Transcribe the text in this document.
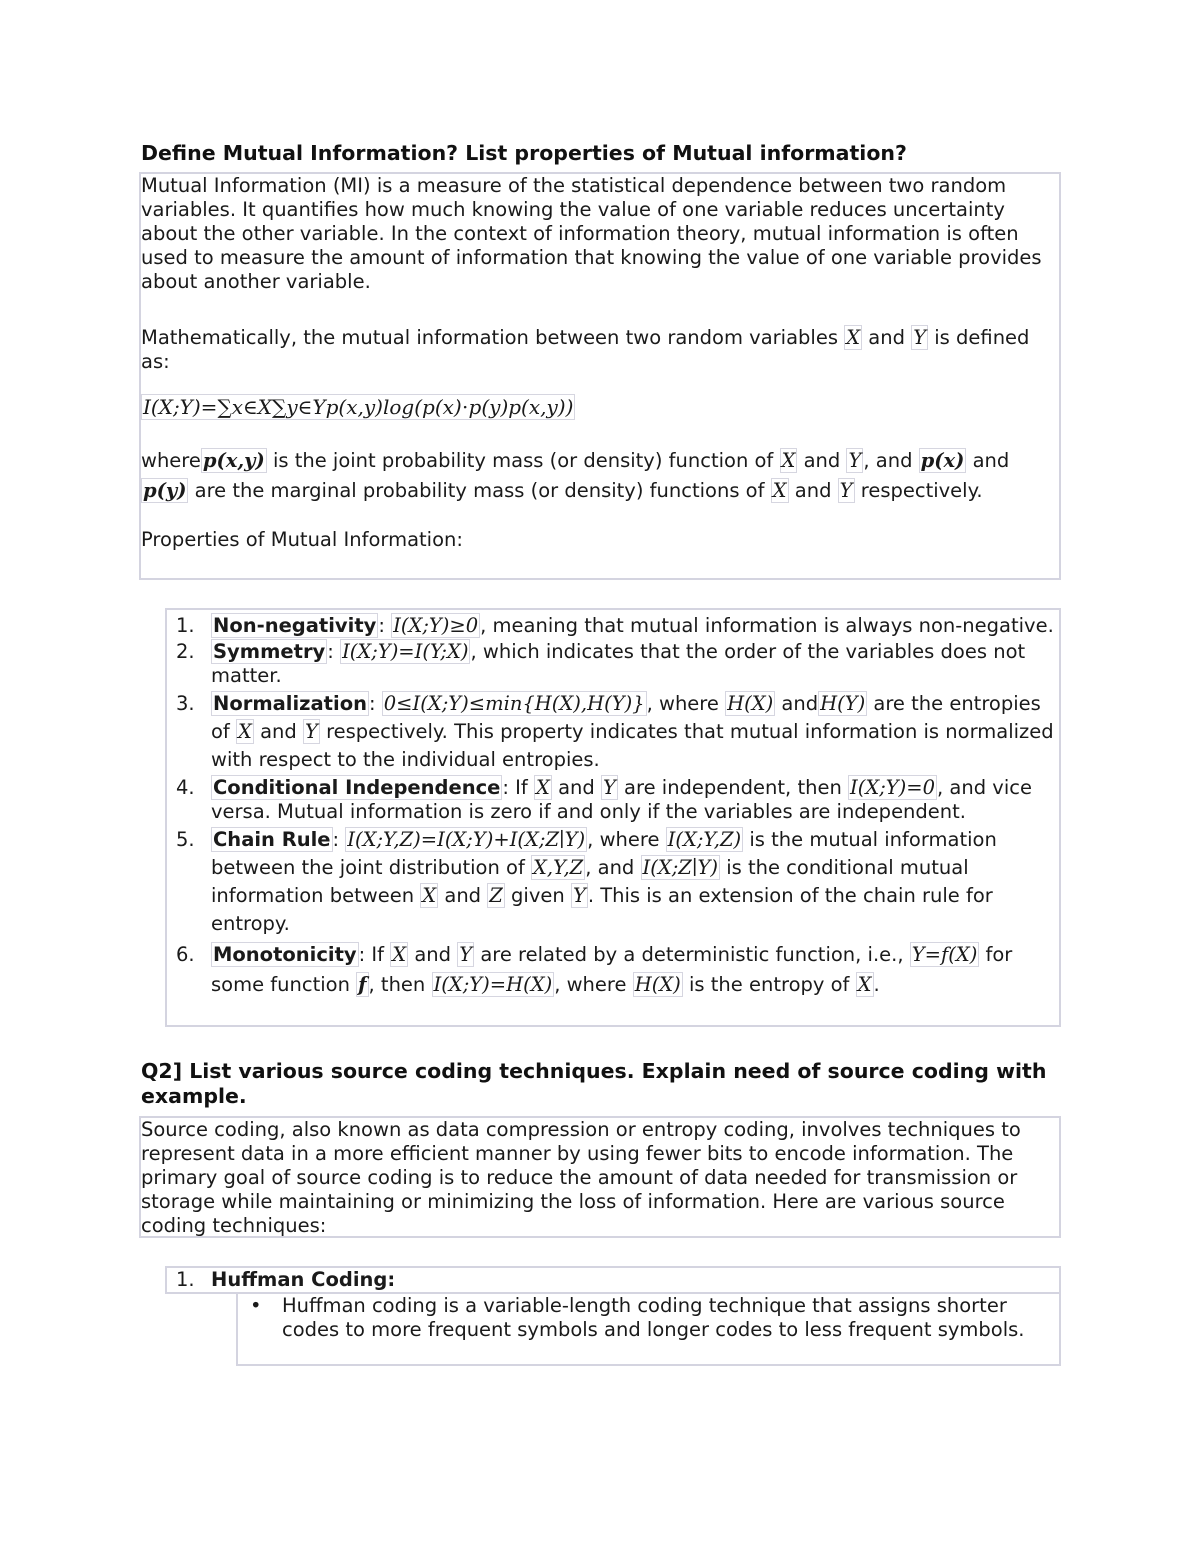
Define Mutual Information? List properties of Mutual information?

Mutual Information (MI) is a measure of the statistical dependence between two random variables. It quantifies how much knowing the value of one variable reduces uncertainty about the other variable. In the context of information theory, mutual information is often used to measure the amount of information that knowing the value of one variable provides about another variable.

Mathematically, the mutual information between two random variables X and Y is defined as:

I(X;Y)=∑x∈X∑y∈Yp(x,y)log(p(x)⋅p(y)p(x,y))

where p(x,y) is the joint probability mass (or density) function of X and Y , and p(x) and p(y) are the marginal probability mass (or density) functions of X and Y respectively.

Properties of Mutual Information:

1. Non-negativity : I(X;Y)≥0 , meaning that mutual information is always non-negative.
2. Symmetry : I(X;Y)=I(Y;X) , which indicates that the order of the variables does not matter.
3. Normalization : 0≤I(X;Y)≤min{H(X),H(Y)} , where H(X) and H(Y) are the entropies of X and Y respectively. This property indicates that mutual information is normalized with respect to the individual entropies.
4. Conditional Independence : If X and Y are independent, then I(X;Y)=0 , and vice versa. Mutual information is zero if and only if the variables are independent.
5. Chain Rule : I(X;Y,Z)=I(X;Y)+I(X;Z∣Y) , where I(X;Y,Z) is the mutual information between the joint distribution of X,Y,Z , and I(X;Z∣Y) is the conditional mutual information between X and Z given Y . This is an extension of the chain rule for entropy.
6. Monotonicity : If X and Y are related by a deterministic function, i.e., Y=f(X) for some function f , then I(X;Y)=H(X) , where H(X) is the entropy of X .
Q2] List various source coding techniques. Explain need of source coding with example.

Source coding, also known as data compression or entropy coding, involves techniques to represent data in a more efficient manner by using fewer bits to encode information. The primary goal of source coding is to reduce the amount of data needed for transmission or storage while maintaining or minimizing the loss of information. Here are various source coding techniques:

1. Huffman Coding:
• Huffman coding is a variable-length coding technique that assigns shorter codes to more frequent symbols and longer codes to less frequent symbols.
